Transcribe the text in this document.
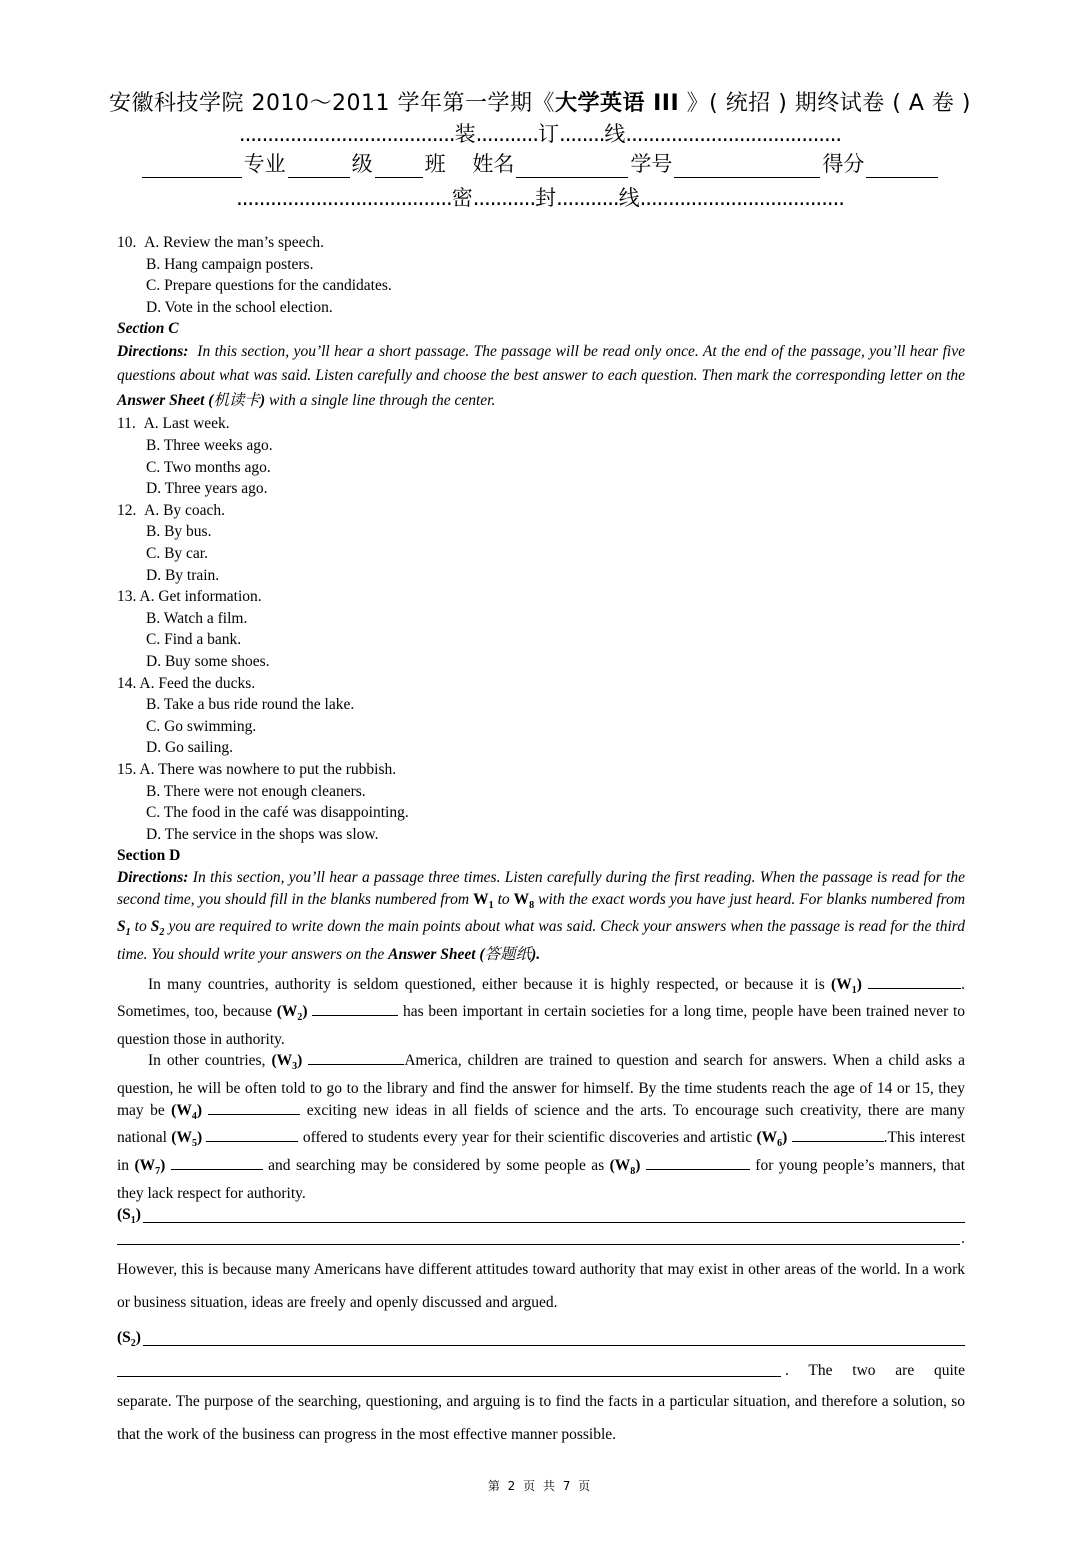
安徽科技学院 2010～2011 学年第一学期《大学英语 III 》( 统招 ) 期终试卷 ( A 卷 )
......................................装...........订........线......................................
专业	级 班 姓名	学号	得分
......................................密...........封...........线....................................
10. A. Review the man’s speech.
B. Hang campaign posters.
C. Prepare questions for the candidates.
D. Vote in the school election.
Section C
Directions: In this section, you’ll hear a short passage. The passage will be read only once. At the end of the passage, you’ll hear five questions about what was said. Listen carefully and choose the best answer to each question. Then mark the corresponding letter on the Answer Sheet (机读卡) with a single line through the center.
11. A. Last week.
B. Three weeks ago.
C. Two months ago.
D. Three years ago.
12. A. By coach.
B. By bus.
C. By car.
D. By train.
13. A. Get information.
B. Watch a film.
C. Find a bank.
D. Buy some shoes.
14. A. Feed the ducks.
B. Take a bus ride round the lake.
C. Go swimming.
D. Go sailing.
15. A. There was nowhere to put the rubbish.
B. There were not enough cleaners.
C. The food in the café was disappointing.
D. The service in the shops was slow.
Section D
Directions: In this section, you’ll hear a passage three times. Listen carefully during the first reading. When the passage is read for the second time, you should fill in the blanks numbered from $W_1$ to $W_8$ with the exact words you have just heard. For blanks numbered from $S_1$ to $S_2$ you are required to write down the main points about what was said. Check your answers when the passage is read for the third time. You should write your answers on the Answer Sheet (答题纸).
In many countries, authority is seldom questioned, either because it is highly respected, or because it is $(W_1)$	. Sometimes, too, because $(W_2)$	has been important in certain societies for a long time, people have been trained never to question those in authority.
In other countries, $(W_3)$	America, children are trained to question and search for answers. When a child asks a question, he will be often told to go to the library and find the answer for himself. By the time students reach the age of 14 or 15, they may be $(W_4)$	exciting new ideas in all fields of science and the arts. To encourage such creativity, there are many national $(W_5)$	offered to students every year for their scientific discoveries and artistic $(W_6)$	.This interest in $(W_7)$	and searching may be considered by some people as $(W_8)$	for young people’s manners, that they lack respect for authority.
$(S_1)$
.
However, this is because many Americans have different attitudes toward authority that may exist in other areas of the world. In a work or business situation, ideas are freely and openly discussed and argued.
$(S_2)$
. The two are quite
separate. The purpose of the searching, questioning, and arguing is to find the facts in a particular situation, and therefore a solution, so that the work of the business can progress in the most effective manner possible.
第 2 页 共 7 页
